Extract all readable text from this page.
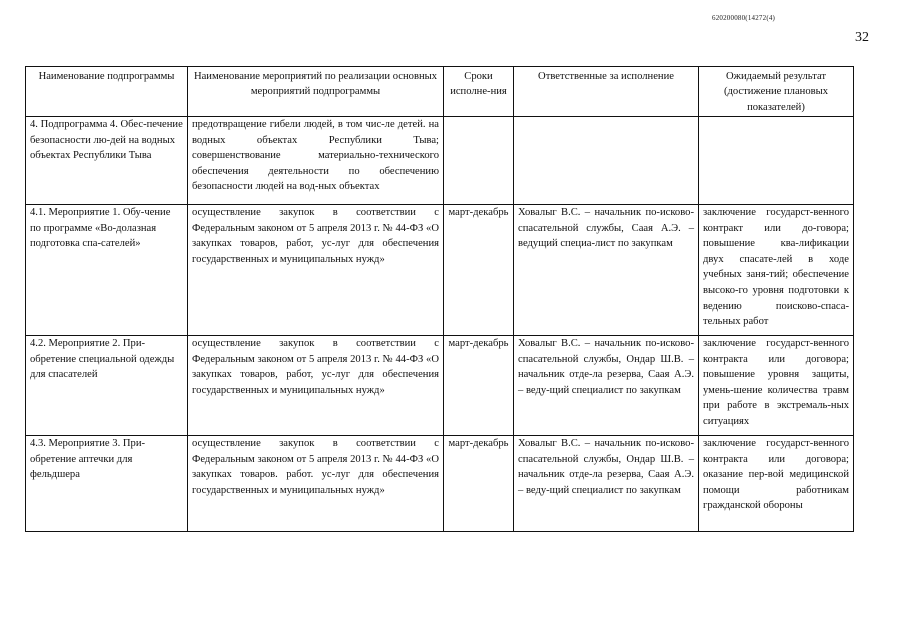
620200080(14272(4)
32
Наименование подпрограммы	Наименование мероприятий по реализации основных мероприятий подпрограммы	Сроки исполне-ния	Ответственные за исполнение	Ожидаемый результат (достижение плановых показателей)
4. Подпрограмма 4. Обес-печение безопасности лю-дей на водных объектах Республики Тыва	предотвращение гибели людей, в том чис-ле детей. на водных объектах Республики Тыва; совершенствование материально-технического обеспечения деятельности по обеспечению безопасности людей на вод-ных объектах			
4.1. Мероприятие 1. Обу-чение по программе «Во-долазная подготовка спа-сателей»	осуществление закупок в соответствии с Федеральным законом от 5 апреля 2013 г. № 44-ФЗ «О закупках товаров, работ, ус-луг для обеспечения государственных и муниципальных нужд»	март-декабрь	Ховалыг В.С. – начальник по-исково-спасательной службы, Саая А.Э. – ведущий специа-лист по закупкам	заключение государст-венного контракт или до-говора; повышение ква-лификации двух спасате-лей в ходе учебных заня-тий; обеспечение высоко-го уровня подготовки к ведению поисково-спаса-тельных работ
4.2. Мероприятие 2. При-обретение специальной одежды для спасателей	осуществление закупок в соответствии с Федеральным законом от 5 апреля 2013 г. № 44-ФЗ «О закупках товаров, работ, ус-луг для обеспечения государственных и муниципальных нужд»	март-декабрь	Ховалыг В.С. – начальник по-исково-спасательной службы, Ондар Ш.В. – начальник отде-ла резерва, Саая А.Э. – веду-щий специалист по закупкам	заключение государст-венного контракта или договора; повышение уровня защиты, умень-шение количества травм при работе в экстремаль-ных ситуациях
4.3. Мероприятие 3. При-обретение аптечки для фельдшера	осуществление закупок в соответствии с Федеральным законом от 5 апреля 2013 г. № 44-ФЗ «О закупках товаров. работ. ус-луг для обеспечения государственных и муниципальных нужд»	март-декабрь	Ховалыг В.С. – начальник по-исково-спасательной службы, Ондар Ш.В. – начальник отде-ла резерва, Саая А.Э. – веду-щий специалист по закупкам	заключение государст-венного контракта или договора; оказание пер-вой медицинской помощи работникам гражданской обороны
